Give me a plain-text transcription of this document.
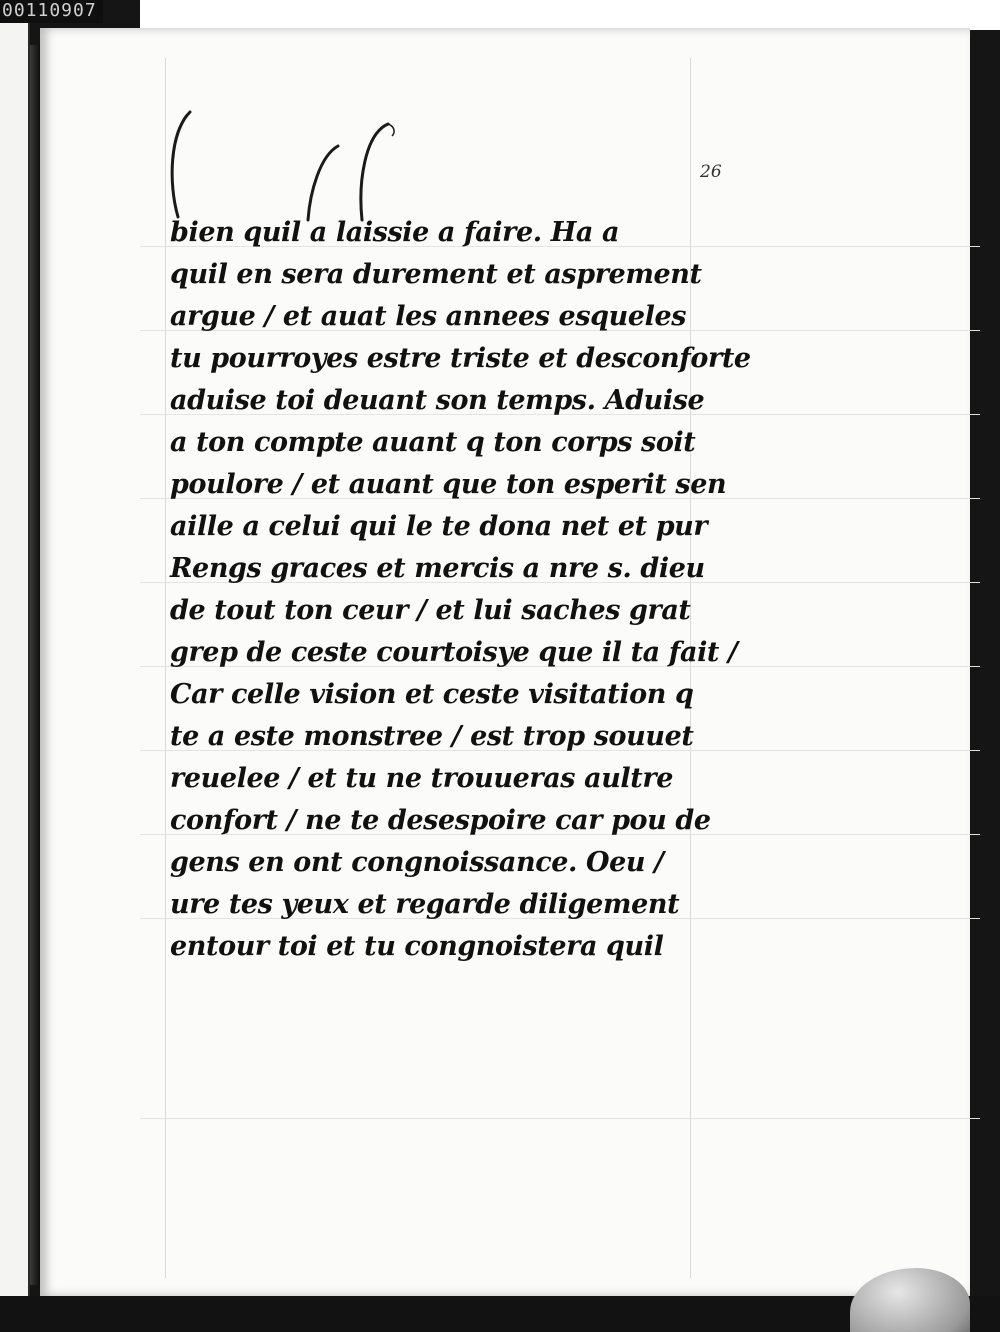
00110907
26
bien quil a laissie a faire. Ha a
quil en sera durement et asprement
argue / et auat les annees esqueles
tu pourroyes estre triste et desconforte
aduise toi deuant son temps. Aduise
a ton compte auant q ton corps soit
poulore / et auant que ton esperit sen
aille a celui qui le te dona net et pur
Rengs graces et mercis a nre s. dieu
de tout ton ceur / et lui saches grat
grep de ceste courtoisye que il ta fait /
Car celle vision et ceste visitation q
te a este monstree / est trop souuet
reuelee / et tu ne trouueras aultre
confort / ne te desespoire car pou de
gens en ont congnoissance. Oeu /
ure tes yeux et regarde diligement
entour toi et tu congnoistera quil
